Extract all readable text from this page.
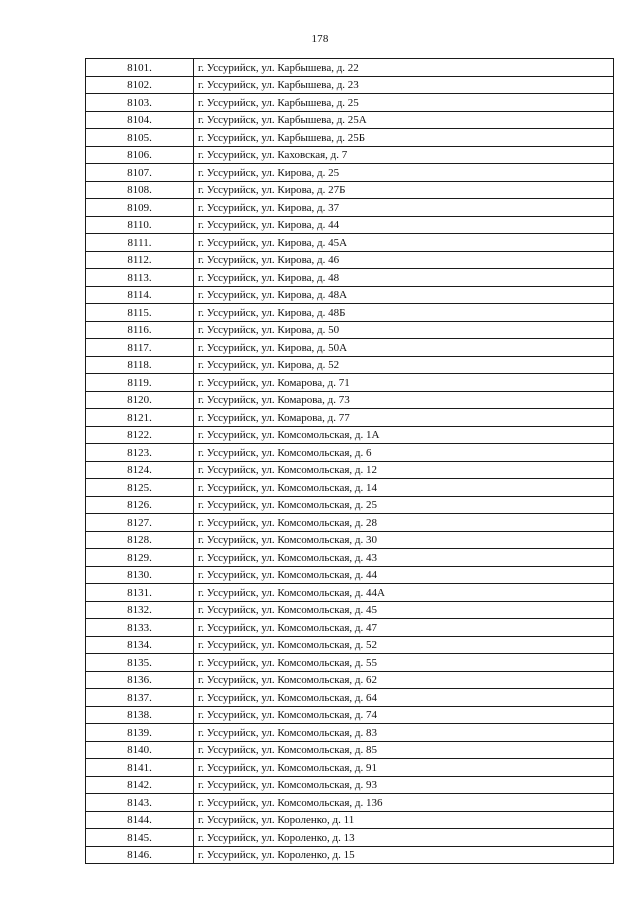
178
8101.	г. Уссурийск, ул. Карбышева, д. 22
8102.	г. Уссурийск, ул. Карбышева, д. 23
8103.	г. Уссурийск, ул. Карбышева, д. 25
8104.	г. Уссурийск, ул. Карбышева, д. 25А
8105.	г. Уссурийск, ул. Карбышева, д. 25Б
8106.	г. Уссурийск, ул. Каховская, д. 7
8107.	г. Уссурийск, ул. Кирова, д. 25
8108.	г. Уссурийск, ул. Кирова, д. 27Б
8109.	г. Уссурийск, ул. Кирова, д. 37
8110.	г. Уссурийск, ул. Кирова, д. 44
8111.	г. Уссурийск, ул. Кирова, д. 45А
8112.	г. Уссурийск, ул. Кирова, д. 46
8113.	г. Уссурийск, ул. Кирова, д. 48
8114.	г. Уссурийск, ул. Кирова, д. 48А
8115.	г. Уссурийск, ул. Кирова, д. 48Б
8116.	г. Уссурийск, ул. Кирова, д. 50
8117.	г. Уссурийск, ул. Кирова, д. 50А
8118.	г. Уссурийск, ул. Кирова, д. 52
8119.	г. Уссурийск, ул. Комарова, д. 71
8120.	г. Уссурийск, ул. Комарова, д. 73
8121.	г. Уссурийск, ул. Комарова, д. 77
8122.	г. Уссурийск, ул. Комсомольская, д. 1А
8123.	г. Уссурийск, ул. Комсомольская, д. 6
8124.	г. Уссурийск, ул. Комсомольская, д. 12
8125.	г. Уссурийск, ул. Комсомольская, д. 14
8126.	г. Уссурийск, ул. Комсомольская, д. 25
8127.	г. Уссурийск, ул. Комсомольская, д. 28
8128.	г. Уссурийск, ул. Комсомольская, д. 30
8129.	г. Уссурийск, ул. Комсомольская, д. 43
8130.	г. Уссурийск, ул. Комсомольская, д. 44
8131.	г. Уссурийск, ул. Комсомольская, д. 44А
8132.	г. Уссурийск, ул. Комсомольская, д. 45
8133.	г. Уссурийск, ул. Комсомольская, д. 47
8134.	г. Уссурийск, ул. Комсомольская, д. 52
8135.	г. Уссурийск, ул. Комсомольская, д. 55
8136.	г. Уссурийск, ул. Комсомольская, д. 62
8137.	г. Уссурийск, ул. Комсомольская, д. 64
8138.	г. Уссурийск, ул. Комсомольская, д. 74
8139.	г. Уссурийск, ул. Комсомольская, д. 83
8140.	г. Уссурийск, ул. Комсомольская, д. 85
8141.	г. Уссурийск, ул. Комсомольская, д. 91
8142.	г. Уссурийск, ул. Комсомольская, д. 93
8143.	г. Уссурийск, ул. Комсомольская, д. 136
8144.	г. Уссурийск, ул. Короленко, д. 11
8145.	г. Уссурийск, ул. Короленко, д. 13
8146.	г. Уссурийск, ул. Короленко, д. 15
